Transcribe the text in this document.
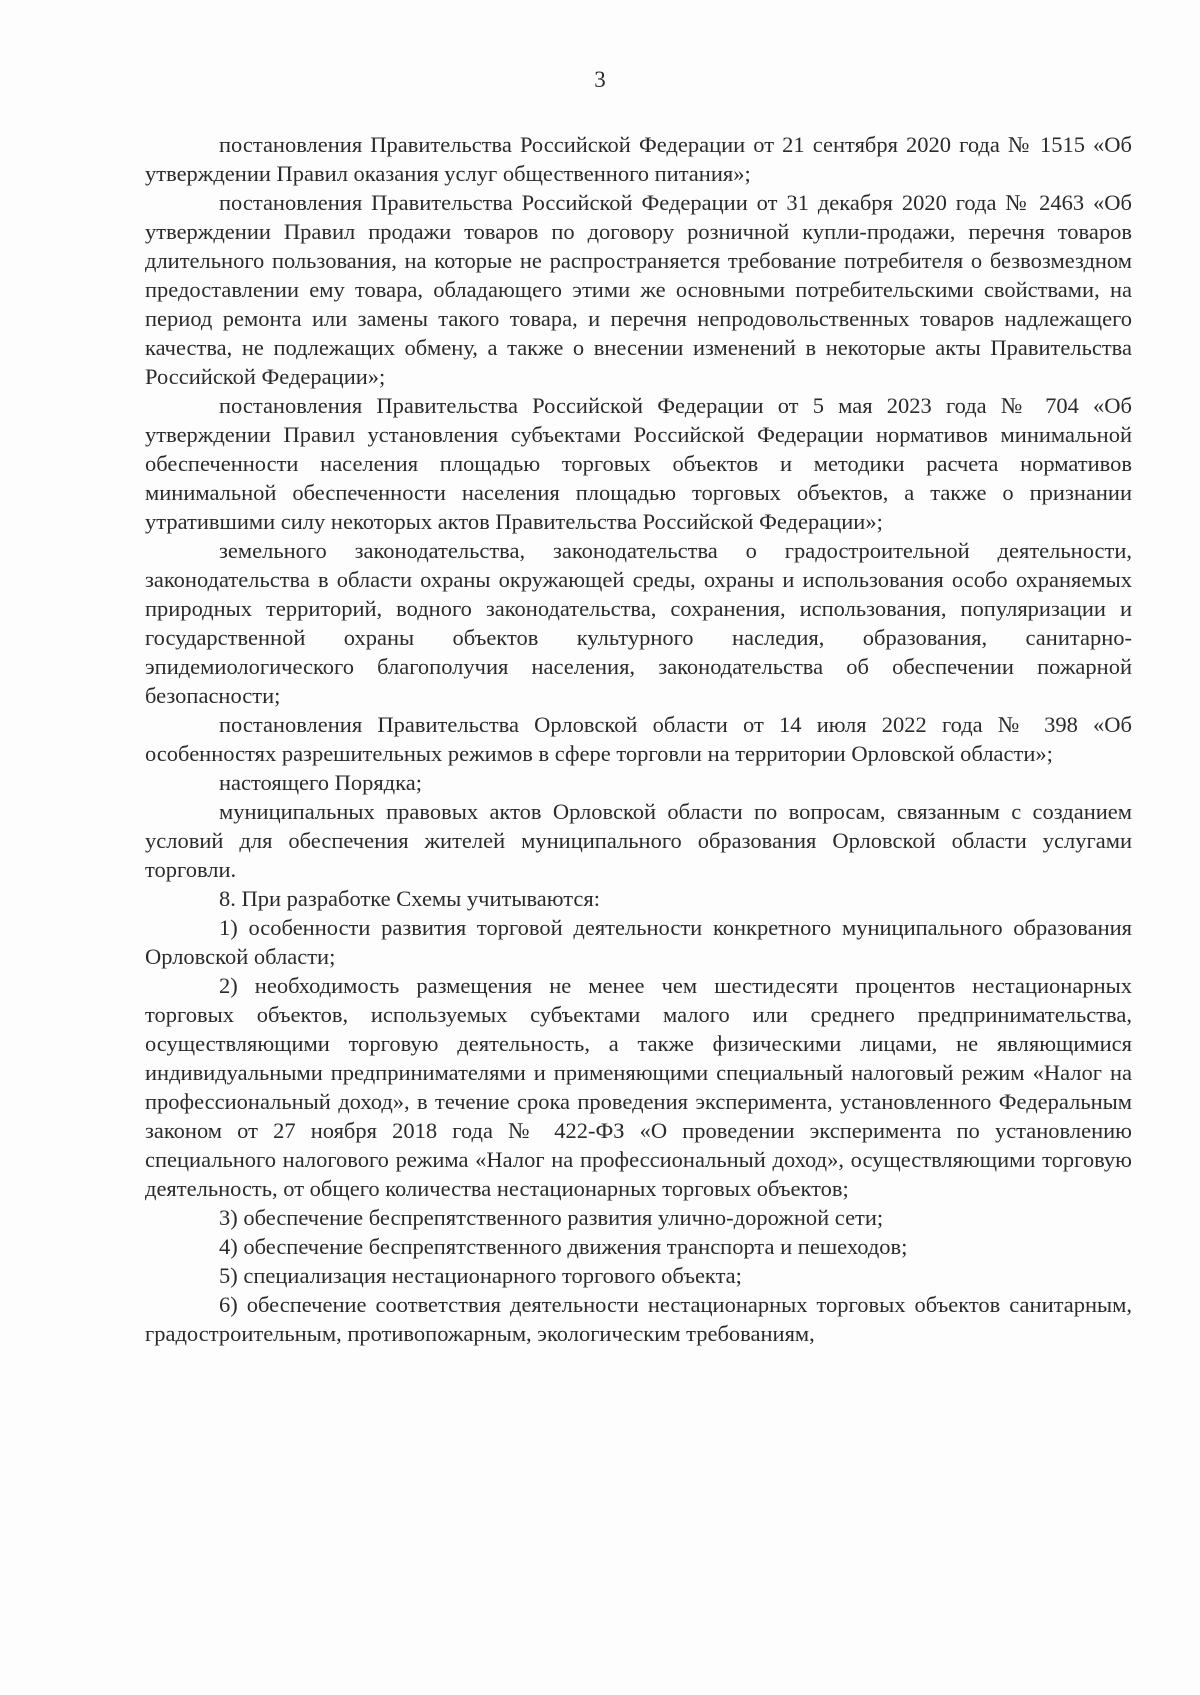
3

постановления Правительства Российской Федерации от 21 сентября 2020 года № 1515 «Об утверждении Правил оказания услуг общественного питания»;

постановления Правительства Российской Федерации от 31 декабря 2020 года № 2463 «Об утверждении Правил продажи товаров по договору розничной купли-продажи, перечня товаров длительного пользования, на которые не распространяется требование потребителя о безвозмездном предоставлении ему товара, обладающего этими же основными потребительскими свойствами, на период ремонта или замены такого товара, и перечня непродовольственных товаров надлежащего качества, не подлежащих обмену, а также о внесении изменений в некоторые акты Правительства Российской Федерации»;

постановления Правительства Российской Федерации от 5 мая 2023 года № 704 «Об утверждении Правил установления субъектами Российской Федерации нормативов минимальной обеспеченности населения площадью торговых объектов и методики расчета нормативов минимальной обеспеченности населения площадью торговых объектов, а также о признании утратившими силу некоторых актов Правительства Российской Федерации»;

земельного законодательства, законодательства о градостроительной деятельности, законодательства в области охраны окружающей среды, охраны и использования особо охраняемых природных территорий, водного законодательства, сохранения, использования, популяризации и государственной охраны объектов культурного наследия, образования, санитарно-эпидемиологического благополучия населения, законодательства об обеспечении пожарной безопасности;

постановления Правительства Орловской области от 14 июля 2022 года № 398 «Об особенностях разрешительных режимов в сфере торговли на территории Орловской области»;

настоящего Порядка;

муниципальных правовых актов Орловской области по вопросам, связанным с созданием условий для обеспечения жителей муниципального образования Орловской области услугами торговли.

8. При разработке Схемы учитываются:

1) особенности развития торговой деятельности конкретного муниципального образования Орловской области;

2) необходимость размещения не менее чем шестидесяти процентов нестационарных торговых объектов, используемых субъектами малого или среднего предпринимательства, осуществляющими торговую деятельность, а также физическими лицами, не являющимися индивидуальными предпринимателями и применяющими специальный налоговый режим «Налог на профессиональный доход», в течение срока проведения эксперимента, установленного Федеральным законом от 27 ноября 2018 года № 422-ФЗ «О проведении эксперимента по установлению специального налогового режима «Налог на профессиональный доход», осуществляющими торговую деятельность, от общего количества нестационарных торговых объектов;

3) обеспечение беспрепятственного развития улично-дорожной сети;

4) обеспечение беспрепятственного движения транспорта и пешеходов;

5) специализация нестационарного торгового объекта;

6) обеспечение соответствия деятельности нестационарных торговых объектов санитарным, градостроительным, противопожарным, экологическим требованиям,
